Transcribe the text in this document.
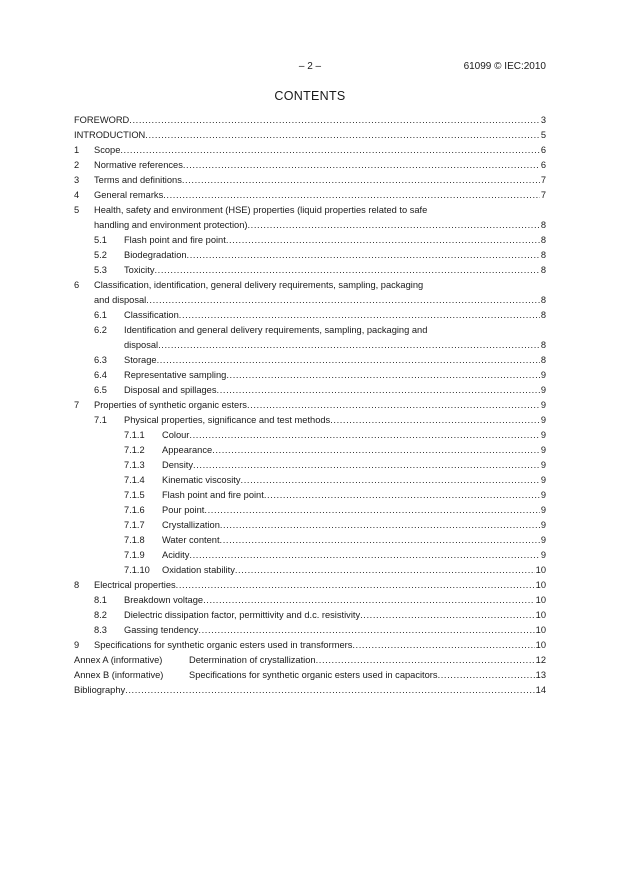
– 2 –	61099 © IEC:2010
CONTENTS
FOREWORD .....	3
INTRODUCTION .....	5
1 Scope .....	6
2 Normative references .....	6
3 Terms and definitions .....	7
4 General remarks .....	7
5 Health, safety and environment (HSE) properties (liquid properties related to safe
handling and environment protection) .....	8
5.1 Flash point and fire point .....	8
5.2 Biodegradation .....	8
5.3 Toxicity .....	8
6 Classification, identification, general delivery requirements, sampling, packaging
and disposal .....	8
6.1 Classification .....	8
6.2 Identification and general delivery requirements, sampling, packaging and
disposal .....	8
6.3 Storage .....	8
6.4 Representative sampling .....	9
6.5 Disposal and spillages .....	9
7 Properties of synthetic organic esters .....	9
7.1 Physical properties, significance and test methods .....	9
7.1.1 Colour .....	9
7.1.2 Appearance .....	9
7.1.3 Density .....	9
7.1.4 Kinematic viscosity .....	9
7.1.5 Flash point and fire point .....	9
7.1.6 Pour point .....	9
7.1.7 Crystallization .....	9
7.1.8 Water content .....	9
7.1.9 Acidity .....	9
7.1.10 Oxidation stability .....	10
8 Electrical properties .....	10
8.1 Breakdown voltage .....	10
8.2 Dielectric dissipation factor, permittivity and d.c. resistivity .....	10
8.3 Gassing tendency .....	10
9 Specifications for synthetic organic esters used in transformers .....	10
Annex A (informative)	Determination of crystallization .....	12
Annex B (informative)	Specifications for synthetic organic esters used in capacitors .....	13
Bibliography .....	14
